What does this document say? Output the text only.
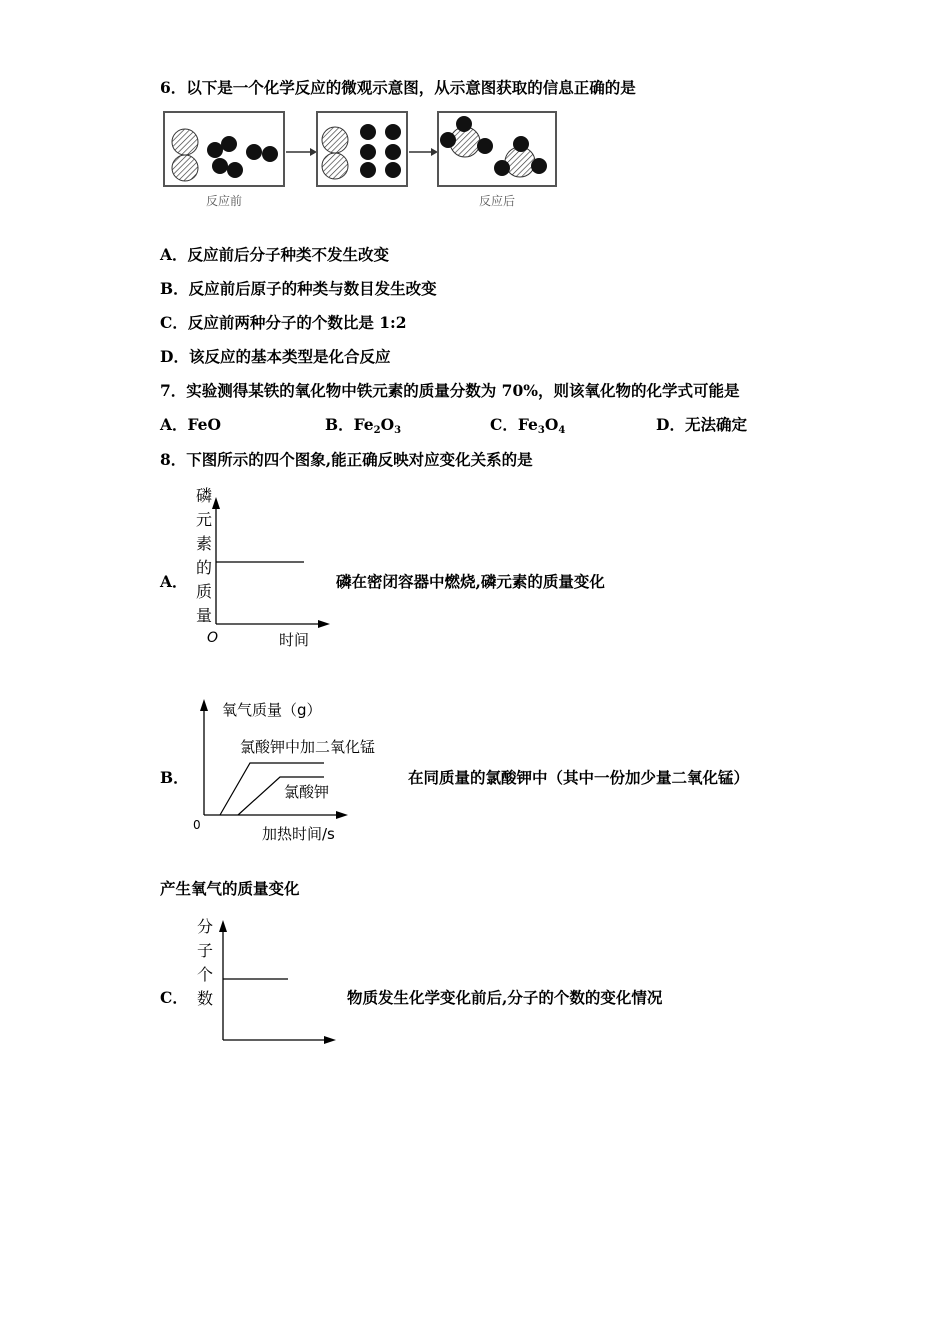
6．以下是一个化学反应的微观示意图，从示意图获取的信息正确的是
反应前	反应后
A．反应前后分子种类不发生改变
B．反应前后原子的种类与数目发生改变
C．反应前两种分子的个数比是 1:2
D．该反应的基本类型是化合反应
7．实验测得某铁的氧化物中铁元素的质量分数为 70%，则该氧化物的化学式可能是
A．FeO	B．$Fe_2O_3$	C．$Fe_3O_4$	D．无法确定
8．下图所示的四个图象,能正确反映对应变化关系的是
A．
磷
元
素
的
质
量
O	时间
磷在密闭容器中燃烧,磷元素的质量变化
B．
氧气质量（g）
氯酸钾中加二氧化锰
氯酸钾
0	加热时间/s
在同质量的氯酸钾中（其中一份加少量二氧化锰）
产生氧气的质量变化
C．
分
子
个
数	物质发生化学变化前后,分子的个数的变化情况
